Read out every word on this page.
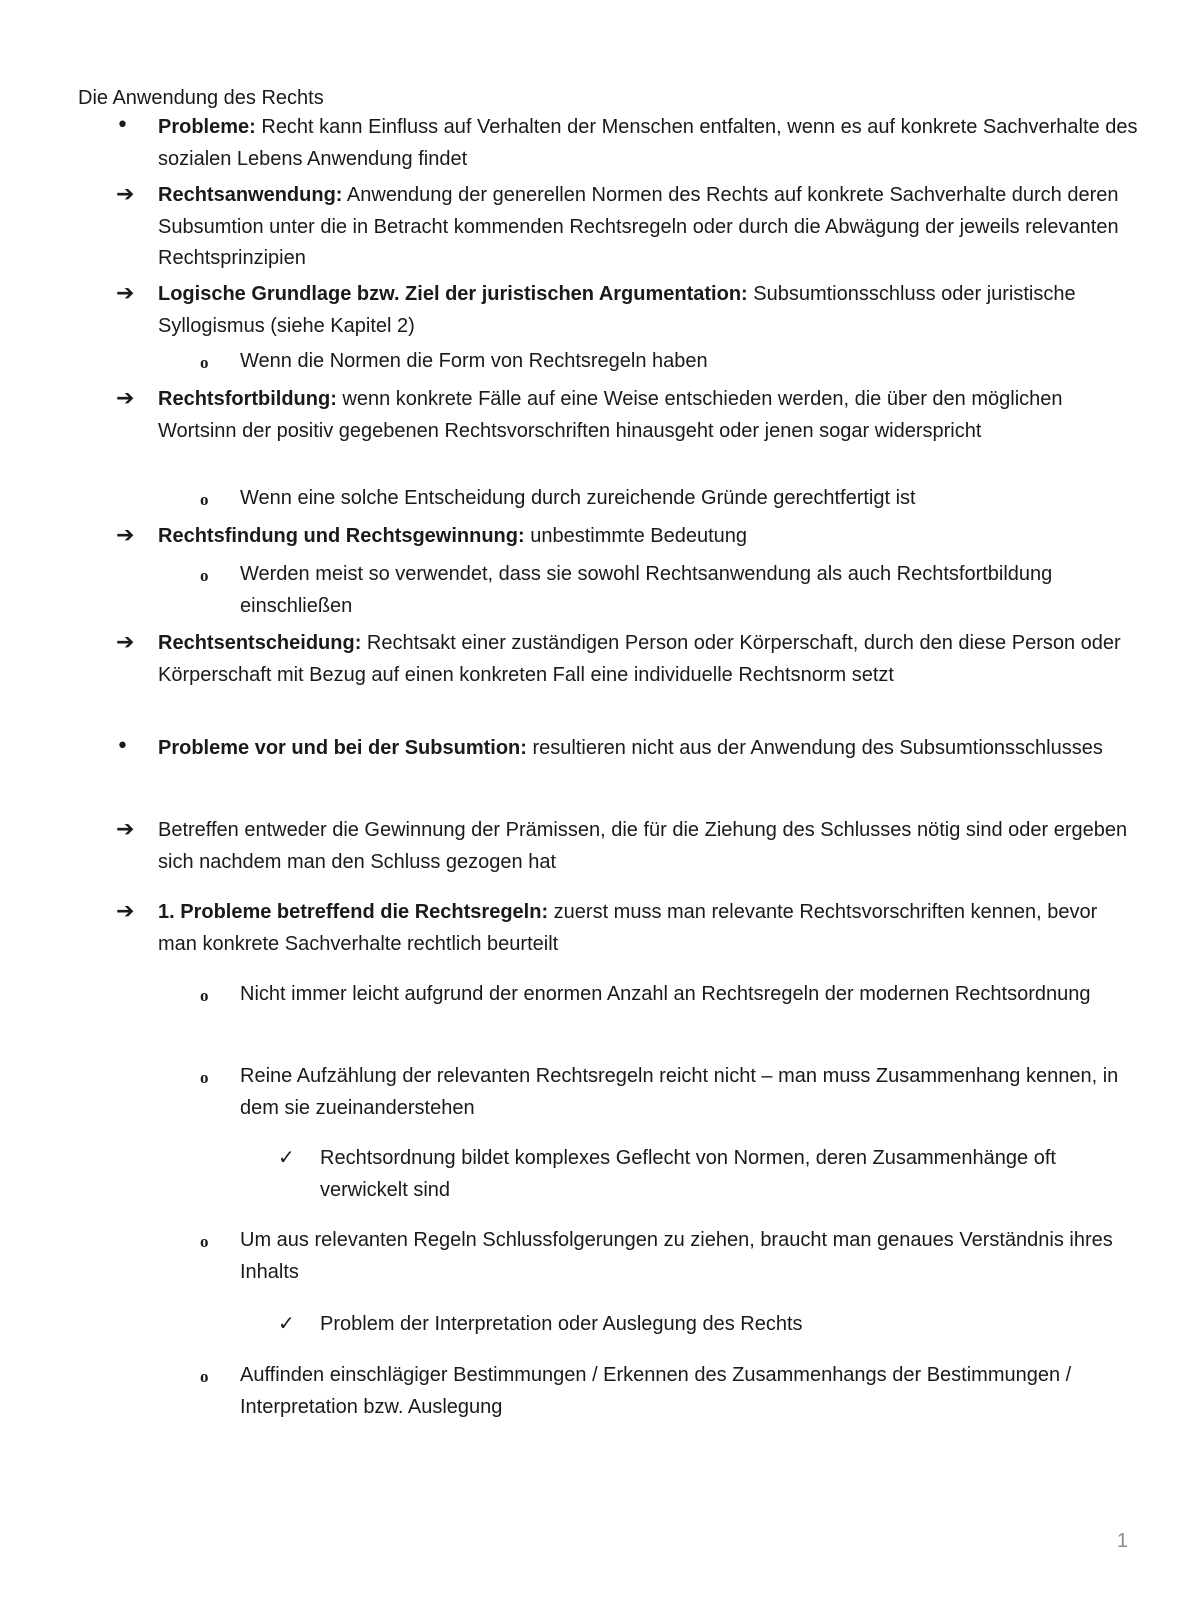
Die Anwendung des Rechts

•	Probleme: Recht kann Einfluss auf Verhalten der Menschen entfalten, wenn es auf konkrete Sachverhalte des sozialen Lebens Anwendung findet

➔	Rechtsanwendung: Anwendung der generellen Normen des Rechts auf konkrete Sachverhalte durch deren Subsumtion unter die in Betracht kommenden Rechtsregeln oder durch die Abwägung der jeweils relevanten Rechtsprinzipien

➔	Logische Grundlage bzw. Ziel der juristischen Argumentation: Subsumtionsschluss oder juristische Syllogismus (siehe Kapitel 2)

o	Wenn die Normen die Form von Rechtsregeln haben

➔	Rechtsfortbildung: wenn konkrete Fälle auf eine Weise entschieden werden, die über den möglichen Wortsinn der positiv gegebenen Rechtsvorschriften hinausgeht oder jenen sogar widerspricht

o	Wenn eine solche Entscheidung durch zureichende Gründe gerechtfertigt ist

➔	Rechtsfindung und Rechtsgewinnung: unbestimmte Bedeutung

o	Werden meist so verwendet, dass sie sowohl Rechtsanwendung als auch Rechtsfortbildung einschließen

➔	Rechtsentscheidung: Rechtsakt einer zuständigen Person oder Körperschaft, durch den diese Person oder Körperschaft mit Bezug auf einen konkreten Fall eine individuelle Rechtsnorm setzt

•	Probleme vor und bei der Subsumtion: resultieren nicht aus der Anwendung des Subsumtionsschlusses

➔	Betreffen entweder die Gewinnung der Prämissen, die für die Ziehung des Schlusses nötig sind oder ergeben sich nachdem man den Schluss gezogen hat

➔	1. Probleme betreffend die Rechtsregeln: zuerst muss man relevante Rechtsvorschriften kennen, bevor man konkrete Sachverhalte rechtlich beurteilt

o	Nicht immer leicht aufgrund der enormen Anzahl an Rechtsregeln der modernen Rechtsordnung

o	Reine Aufzählung der relevanten Rechtsregeln reicht nicht – man muss Zusammenhang kennen, in dem sie zueinanderstehen

✓	Rechtsordnung bildet komplexes Geflecht von Normen, deren Zusammenhänge oft verwickelt sind

o	Um aus relevanten Regeln Schlussfolgerungen zu ziehen, braucht man genaues Verständnis ihres Inhalts

✓	Problem der Interpretation oder Auslegung des Rechts

o	Auffinden einschlägiger Bestimmungen / Erkennen des Zusammenhangs der Bestimmungen / Interpretation bzw. Auslegung

1
